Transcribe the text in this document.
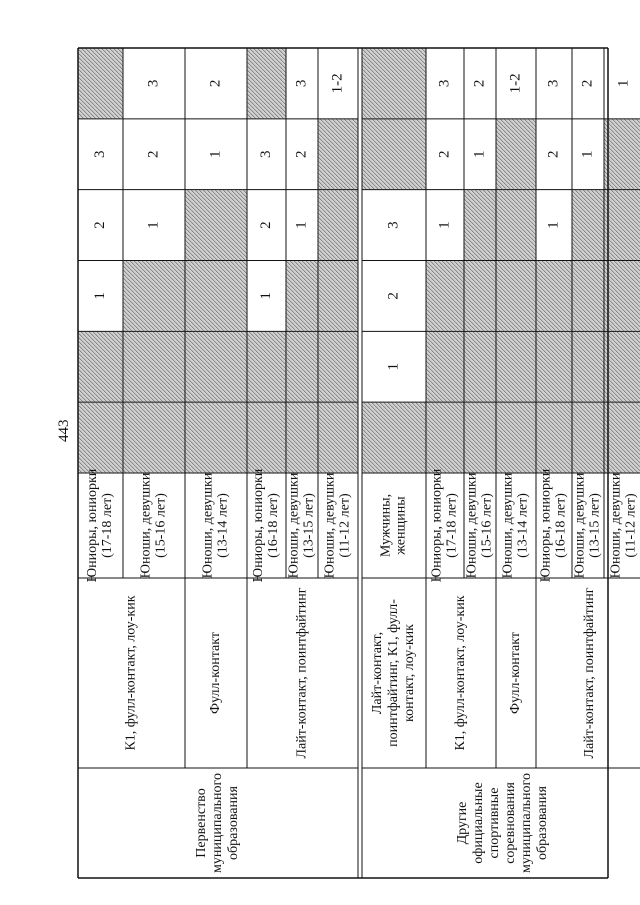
443
Первенство муниципального образования
К1, фулл-контакт, лоу-кик
Юниоры, юниорки (17-18 лет)
1
2
3
Юноши, девушки (15-16 лет)
1
2
3
Фулл-контакт
Юноши, девушки (13-14 лет)
1
2
Лайт-контакт, поинтфайтинг
Юниоры, юниорки (16-18 лет)
1
2
3
Юноши, девушки (13-15 лет)
1
2
3
Юноши, девушки (11-12 лет)
1-2
Другие официальные спортивные соревнования муниципального образования
Лайт-контакт, поинтфайтинг, К1, фулл- контакт, лоу-кик
Мужчины, женщины
1
2
3
К1, фулл-контакт, лоу-кик
Юниоры, юниорки (17-18 лет)
1
2
3
Юноши, девушки (15-16 лет)
1
2
Фулл-контакт
Юноши, девушки (13-14 лет)
1-2
Лайт-контакт, поинтфайтинг
Юниоры, юниорки (16-18 лет)
1
2
3
Юноши, девушки (13-15 лет)
1
2
Юноши, девушки (11-12 лет)
1
